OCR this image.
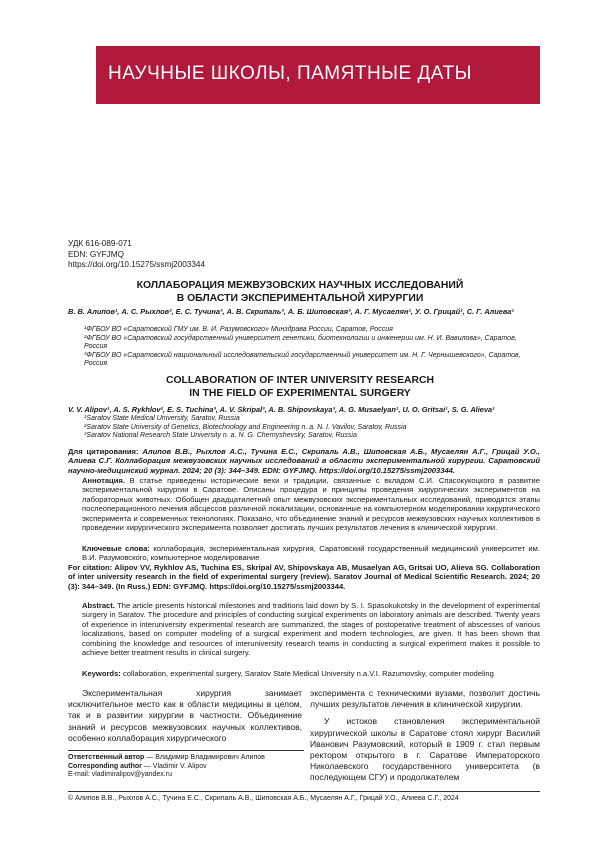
НАУЧНЫЕ ШКОЛЫ, ПАМЯТНЫЕ ДАТЫ
УДК 616-089-071
EDN: GYFJMQ
https://doi.org/10.15275/ssmj2003344
КОЛЛАБОРАЦИЯ МЕЖВУЗОВСКИХ НАУЧНЫХ ИССЛЕДОВАНИЙ
В ОБЛАСТИ ЭКСПЕРИМЕНТАЛЬНОЙ ХИРУРГИИ
В. В. Алипов¹, А. С. Рыхлов², Е. С. Тучина³, А. В. Скрипаль³, А. Б. Шиповская³, А. Г. Мусаелян¹, У. О. Грицай¹, С. Г. Алиева¹
¹ФГБОУ ВО «Саратовский ГМУ им. В. И. Разумовского» Минздрава России, Саратов, Россия
²ФГБОУ ВО «Саратовский государственный университет генетики, биотехнологии и инженерии им. Н. И. Вавилова», Саратов, Россия
³ФГБОУ ВО «Саратовский национальный исследовательский государственный университет им. Н. Г. Чернышевского», Саратов, Россия
COLLABORATION OF INTER UNIVERSITY RESEARCH
IN THE FIELD OF EXPERIMENTAL SURGERY
V. V. Alipov¹, A. S. Rykhlov², E. S. Tuchina³, A. V. Skripal³, A. B. Shipovskaya³, A. G. Musaelyan¹, U. O. Gritsai¹, S. G. Alieva¹
¹Saratov State Medical University, Saratov, Russia
²Saratov State University of Genetics, Biotechnology and Engineering n. a. N. I. Vavilov, Saratov, Russia
³Saratov National Research State University n. a. N. G. Chernyshevsky, Saratov, Russia
Для цитирования: Алипов В.В., Рыхлов А.С., Тучина Е.С., Скрипаль А.В., Шиповская А.Б., Мусаелян А.Г., Грицай У.О., Алиева С.Г. Коллаборация межвузовских научных исследований в области экспериментальной хирургии. Саратовский научно-медицинский журнал. 2024; 20 (3): 344–349. EDN: GYFJMQ. https://doi.org/10.15275/ssmj2003344.
Аннотация. В статье приведены исторические вехи и традиции, связанные с вкладом С.И. Спасокукоцкого в развитие экспериментальной хирургии в Саратове. Описаны процедура и принципы проведения хирургических экспериментов на лабораторных животных. Обобщен двадцатилетний опыт межвузовских экспериментальных исследований, приводятся этапы послеоперационного лечения абсцессов различной локализации, основанные на компьютерном моделировании хирургического эксперимента и современных технологиях. Показано, что объединение знаний и ресурсов межвузовских научных коллективов в проведении хирургического эксперимента позволяет достигать лучших результатов лечения в клинической хирургии.
Ключевые слова: коллаборация, экспериментальная хирургия, Саратовский государственный медицинский университет им. В.И. Разумовского, компьютерное моделирование
For citation: Alipov VV, Rykhlov AS, Tuchina ES, Skripal AV, Shipovskaya AB, Musaelyan AG, Gritsai UO, Alieva SG. Collaboration of inter university research in the field of experimental surgery (review). Saratov Journal of Medical Scientific Research. 2024; 20 (3): 344–349. (In Russ.) EDN: GYFJMQ. https://doi.org/10.15275/ssmj2003344.
Abstract. The article presents historical milestones and traditions laid down by S. I. Spasokukotsky in the development of experimental surgery in Saratov. The procedure and principles of conducting surgical experiments on laboratory animals are described. Twenty years of experience in interuniversity experimental research are summarized, the stages of postoperative treatment of abscesses of various localizations, based on computer modeling of a surgical experiment and modern technologies, are given. It has been shown that combining the knowledge and resources of interuniversity research teams in conducting a surgical experiment makes it possible to achieve better treatment results in clinical surgery.
Keywords: collaboration, experimental surgery, Saratov State Medical University n.a.V.I. Razumovsky, computer modeling

Экспериментальная хирургия занимает исключительное место как в области медицины в целом, так и в развитии хирургии в частности. Объединение знаний и ресурсов межвузовских научных коллективов, особенно коллаборация хирургического

эксперимента с техническими вузами, позволит достичь лучших результатов лечения в клинической хирургии.

У истоков становления экспериментальной хирургической школы в Саратове стоял хирург Василий Иванович Разумовский, который в 1909 г. стал первым ректором открытого в г. Саратове Императорского Николаевского государственного университета (в последующем СГУ) и продолжателем

Ответственный автор — Владимир Владимирович Алипов
Corresponding author — Vladimir V. Alipov
E-mail: vladimiralipov@yandex.ru
© Алипов В.В., Рыхлов А.С., Тучина Е.С., Скрипаль А.В., Шиповская А.Б., Мусаелян А.Г., Грицай У.О., Алиева С.Г., 2024
